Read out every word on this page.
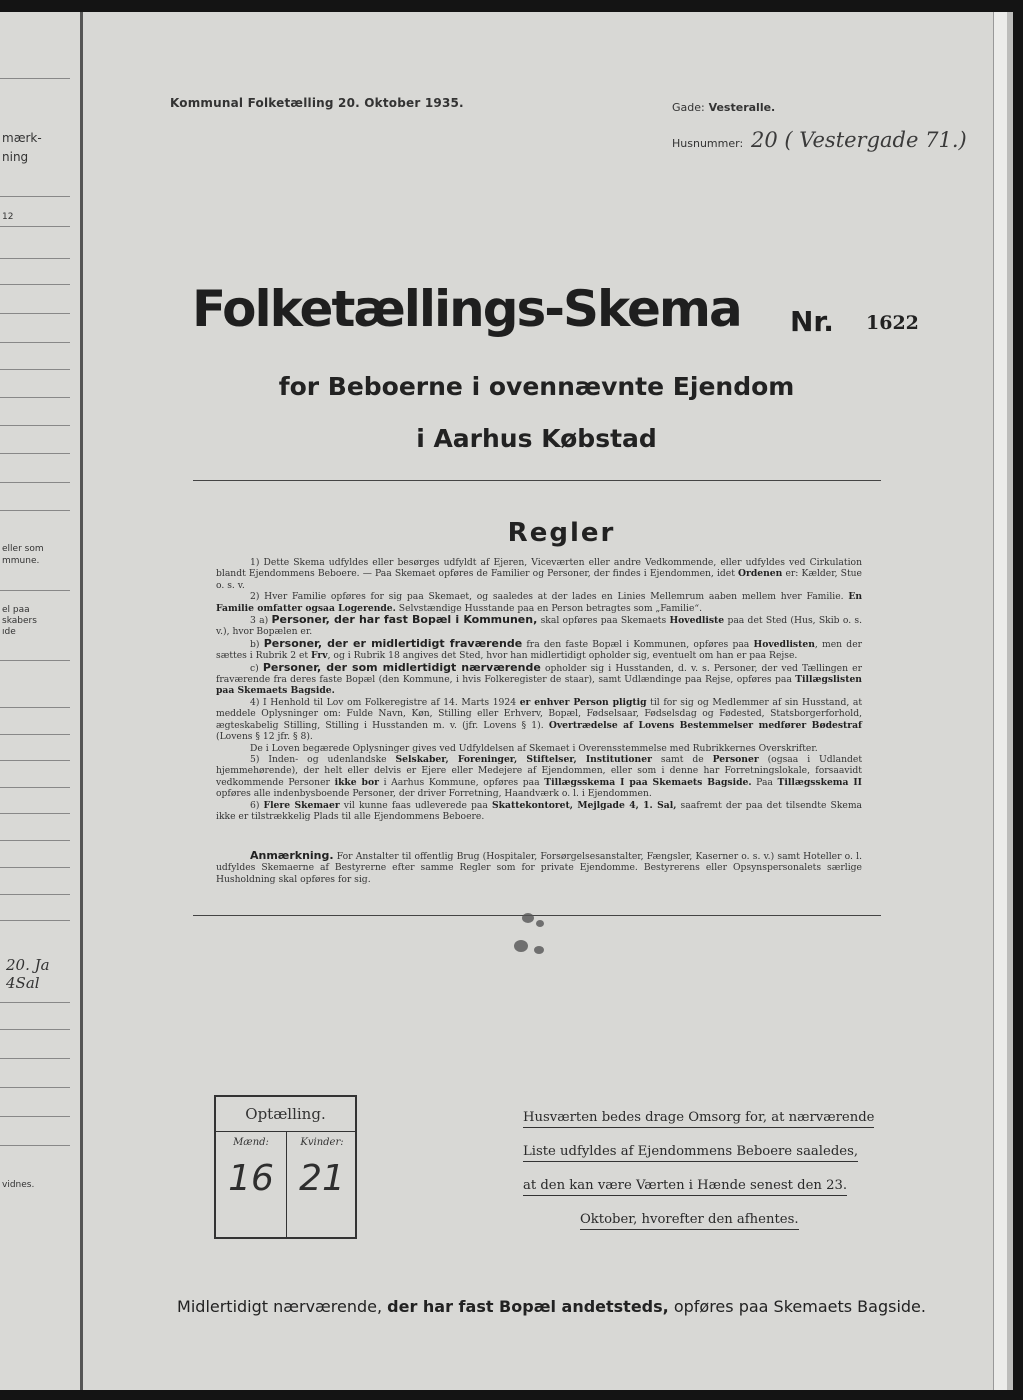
mærk-
ning
12
eller som
mmune.
el paa
skabers
ıde
20. Ja
4Sal
vidnes.
Kommunal Folketælling 20. Oktober 1935.	Gade: Vesteralle.
Husnummer: 20 ( Vestergade 71.)
Folketællings-Skema Nr. 1622
for Beboerne i ovennævnte Ejendom
i Aarhus Købstad
Regler

1) Dette Skema udfyldes eller besørges udfyldt af Ejeren, Viceværten eller andre Vedkommende, eller udfyldes ved Cirkulation blandt Ejendommens Beboere. — Paa Skemaet opføres de Familier og Personer, der findes i Ejendommen, idet Ordenen er: Kælder, Stue o. s. v.

2) Hver Familie opføres for sig paa Skemaet, og saaledes at der lades en Linies Mellemrum aaben mellem hver Familie. En Familie omfatter ogsaa Logerende. Selvstændige Husstande paa en Person betragtes som „Familie“.

3 a) Personer, der har fast Bopæl i Kommunen, skal opføres paa Skemaets Hovedliste paa det Sted (Hus, Skib o. s. v.), hvor Bopælen er.

b) Personer, der er midlertidigt fraværende fra den faste Bopæl i Kommunen, opføres paa Hovedlisten, men der sættes i Rubrik 2 et Frv, og i Rubrik 18 angives det Sted, hvor han midlertidigt opholder sig, eventuelt om han er paa Rejse.

c) Personer, der som midlertidigt nærværende opholder sig i Husstanden, d. v. s. Personer, der ved Tællingen er fraværende fra deres faste Bopæl (den Kommune, i hvis Folkeregister de staar), samt Udlændinge paa Rejse, opføres paa Tillægslisten paa Skemaets Bagside.

4) I Henhold til Lov om Folkeregistre af 14. Marts 1924 er enhver Person pligtig til for sig og Medlemmer af sin Husstand, at meddele Oplysninger om: Fulde Navn, Køn, Stilling eller Erhverv, Bopæl, Fødselsaar, Fødselsdag og Fødested, Statsborgerforhold, ægteskabelig Stilling, Stilling i Husstanden m. v. (jfr. Lovens § 1). Overtrædelse af Lovens Bestemmelser medfører Bødestraf (Lovens § 12 jfr. § 8).

De i Loven begærede Oplysninger gives ved Udfyldelsen af Skemaet i Overensstemmelse med Rubrikkernes Overskrifter.

5) Inden- og udenlandske Selskaber, Foreninger, Stiftelser, Institutioner samt de Personer (ogsaa i Udlandet hjemmehørende), der helt eller delvis er Ejere eller Medejere af Ejendommen, eller som i denne har Forretningslokale, forsaavidt vedkommende Personer ikke bor i Aarhus Kommune, opføres paa Tillægsskema I paa Skemaets Bagside. Paa Tillægsskema II opføres alle indenbysboende Personer, der driver Forretning, Haandværk o. l. i Ejendommen.

6) Flere Skemaer vil kunne faas udleverede paa Skattekontoret, Mejlgade 4, 1. Sal, saafremt der paa det tilsendte Skema ikke er tilstrækkelig Plads til alle Ejendommens Beboere.

Anmærkning. For Anstalter til offentlig Brug (Hospitaler, Forsørgelsesanstalter, Fængsler, Kaserner o. s. v.) samt Hoteller o. l. udfyldes Skemaerne af Bestyrerne efter samme Regler som for private Ejendomme. Bestyrerens eller Opsynspersonalets særlige Husholdning skal opføres for sig.

Optælling.
Mænd:
16
Kvinder:
21
Husværten bedes drage Omsorg for, at nærværende
Liste udfyldes af Ejendommens Beboere saaledes,
at den kan være Værten i Hænde senest den 23.
Oktober, hvorefter den afhentes.
Midlertidigt nærværende, der har fast Bopæl andetsteds, opføres paa Skemaets Bagside.
